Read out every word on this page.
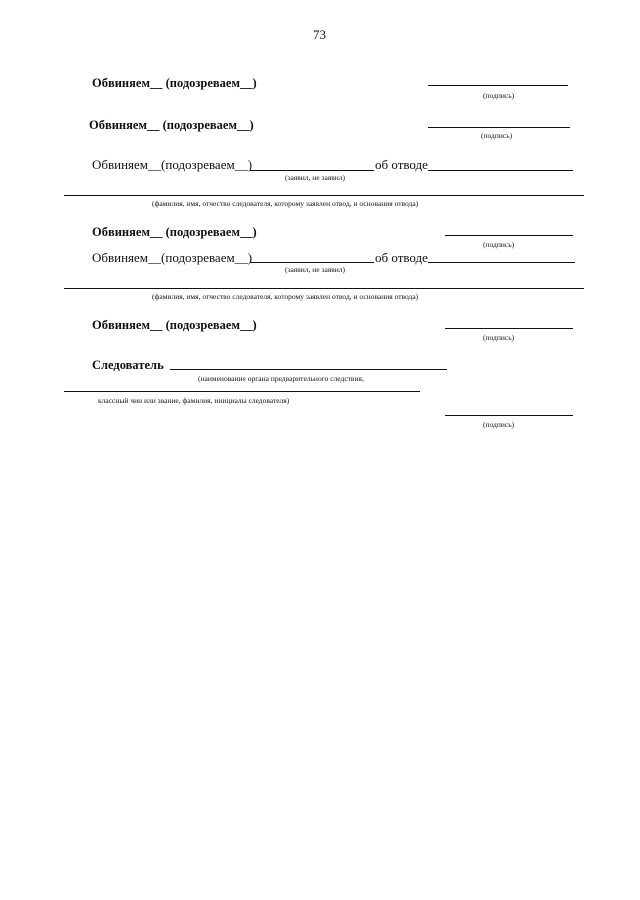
73
Обвиняем__ (подозреваем__)
(подпись)
Обвиняем__ (подозреваем__)
(подпись)
Обвиняем__(подозреваем__)	об отводе
(заявил, не заявил)
(фамилия, имя, отчество следователя, которому заявлен отвод, и основания отвода)
Обвиняем__ (подозреваем__)
(подпись)
Обвиняем__(подозреваем__)	об отводе
(заявил, не заявил)
(фамилия, имя, отчество следователя, которому заявлен отвод, и основания отвода)
Обвиняем__ (подозреваем__)
(подпись)
Следователь
(наименование органа предварительного следствия,
классный чин или звание, фамилия, инициалы следователя)
(подпись)
